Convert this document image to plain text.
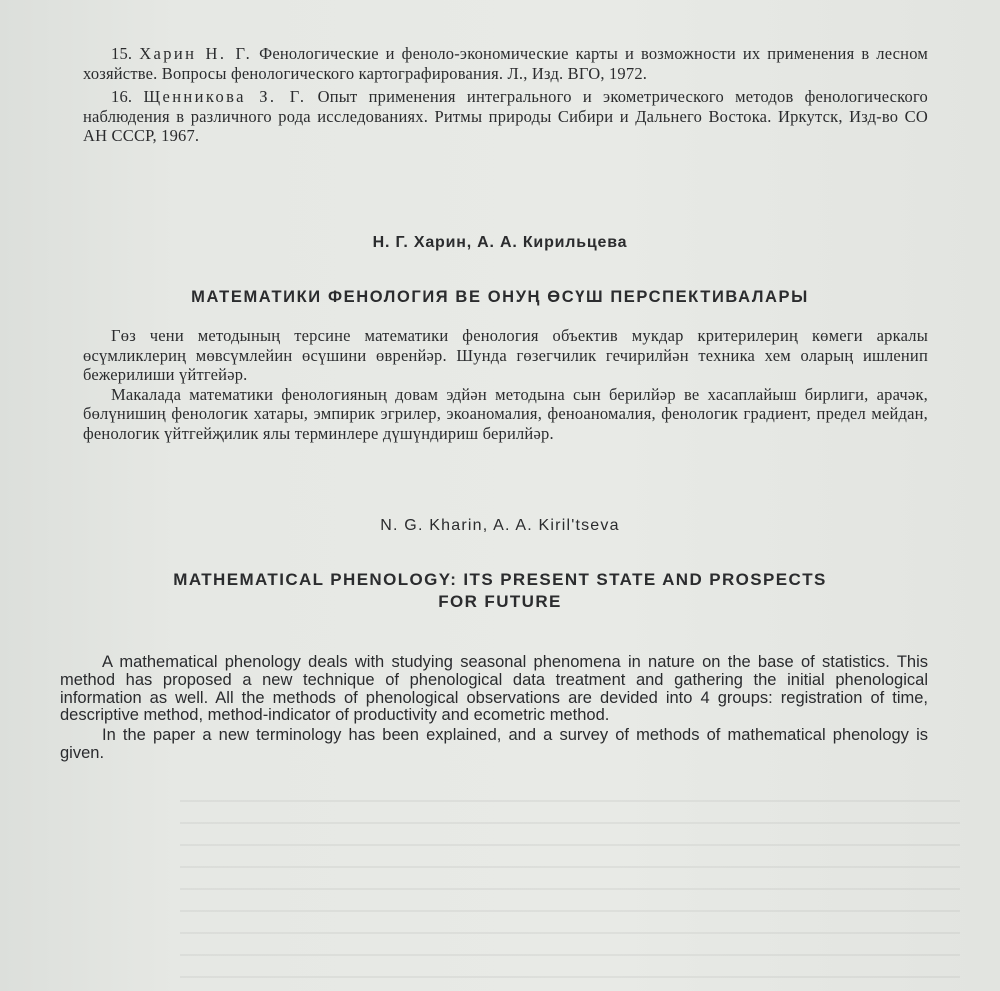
15. Харин Н. Г. Фенологические и феноло-экономические карты и возможности их применения в лесном хозяйстве. Вопросы фенологического картографирования. Л., Изд. ВГО, 1972.

16. Щенникова З. Г. Опыт применения интегрального и экометрического методов фенологического наблюдения в различного рода исследованиях. Ритмы природы Сибири и Дальнего Востока. Иркутск, Изд-во СО АН СССР, 1967.

Н. Г. Харин, А. А. Кирильцева
МАТЕМАТИКИ ФЕНОЛОГИЯ ВЕ ОНУҢ ӨСҮШ ПЕРСПЕКТИВАЛАРЫ

Гөз чени методының терсине математики фенология объектив мукдар критерилериң көмеги аркалы өсүмликлериң мөвсүмлейин өсүшини өвренйәр. Шунда гөзегчилик гечирилйән техника хем оларың ишленип бежерилиши үйтгейәр.

Макалада математики фенологияның довам эдйән методына сын берилйәр ве хасаплайыш бирлиги, арачәк, бөлүнишиң фенологик хатары, эмпирик эгрилер, экоаномалия, феноаномалия, фенологик градиент, предел мейдан, фенологик үйтгейҗилик ялы терминлере дүшүндириш берилйәр.

N. G. Kharin, A. A. Kiril'tseva
MATHEMATICAL PHENOLOGY: ITS PRESENT STATE AND PROSPECTS
FOR FUTURE

A mathematical phenology deals with studying seasonal phenomena in nature on the base of statistics. This method has proposed a new technique of phenological data treatment and gathering the initial phenological information as well. All the methods of phenological observations are devided into 4 groups: registration of time, descriptive method, method-indicator of productivity and ecometric method.

In the paper a new terminology has been explained, and a survey of methods of mathematical phenology is given.
